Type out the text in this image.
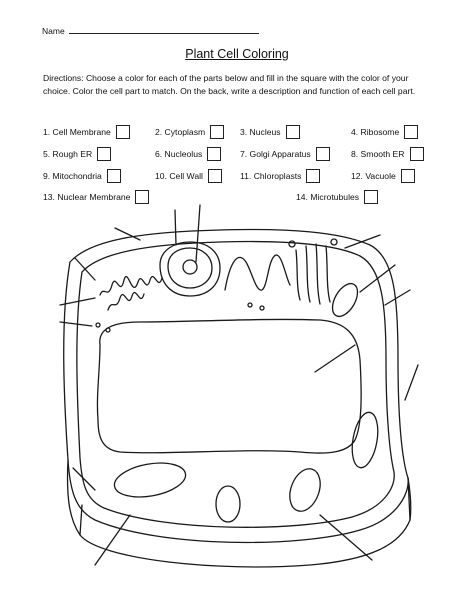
Name
Plant Cell Coloring
Directions: Choose a color for each of the parts below and fill in the square with the color of your choice. Color the cell part to match. On the back, write a description and function of each cell part.
1. Cell Membrane	2. Cytoplasm	3. Nucleus	4. Ribosome
5. Rough ER	6. Nucleolus	7. Golgi Apparatus	8. Smooth ER
9. Mitochondria	10. Cell Wall	11. Chloroplasts	12. Vacuole
13. Nuclear Membrane	14. Microtubules
